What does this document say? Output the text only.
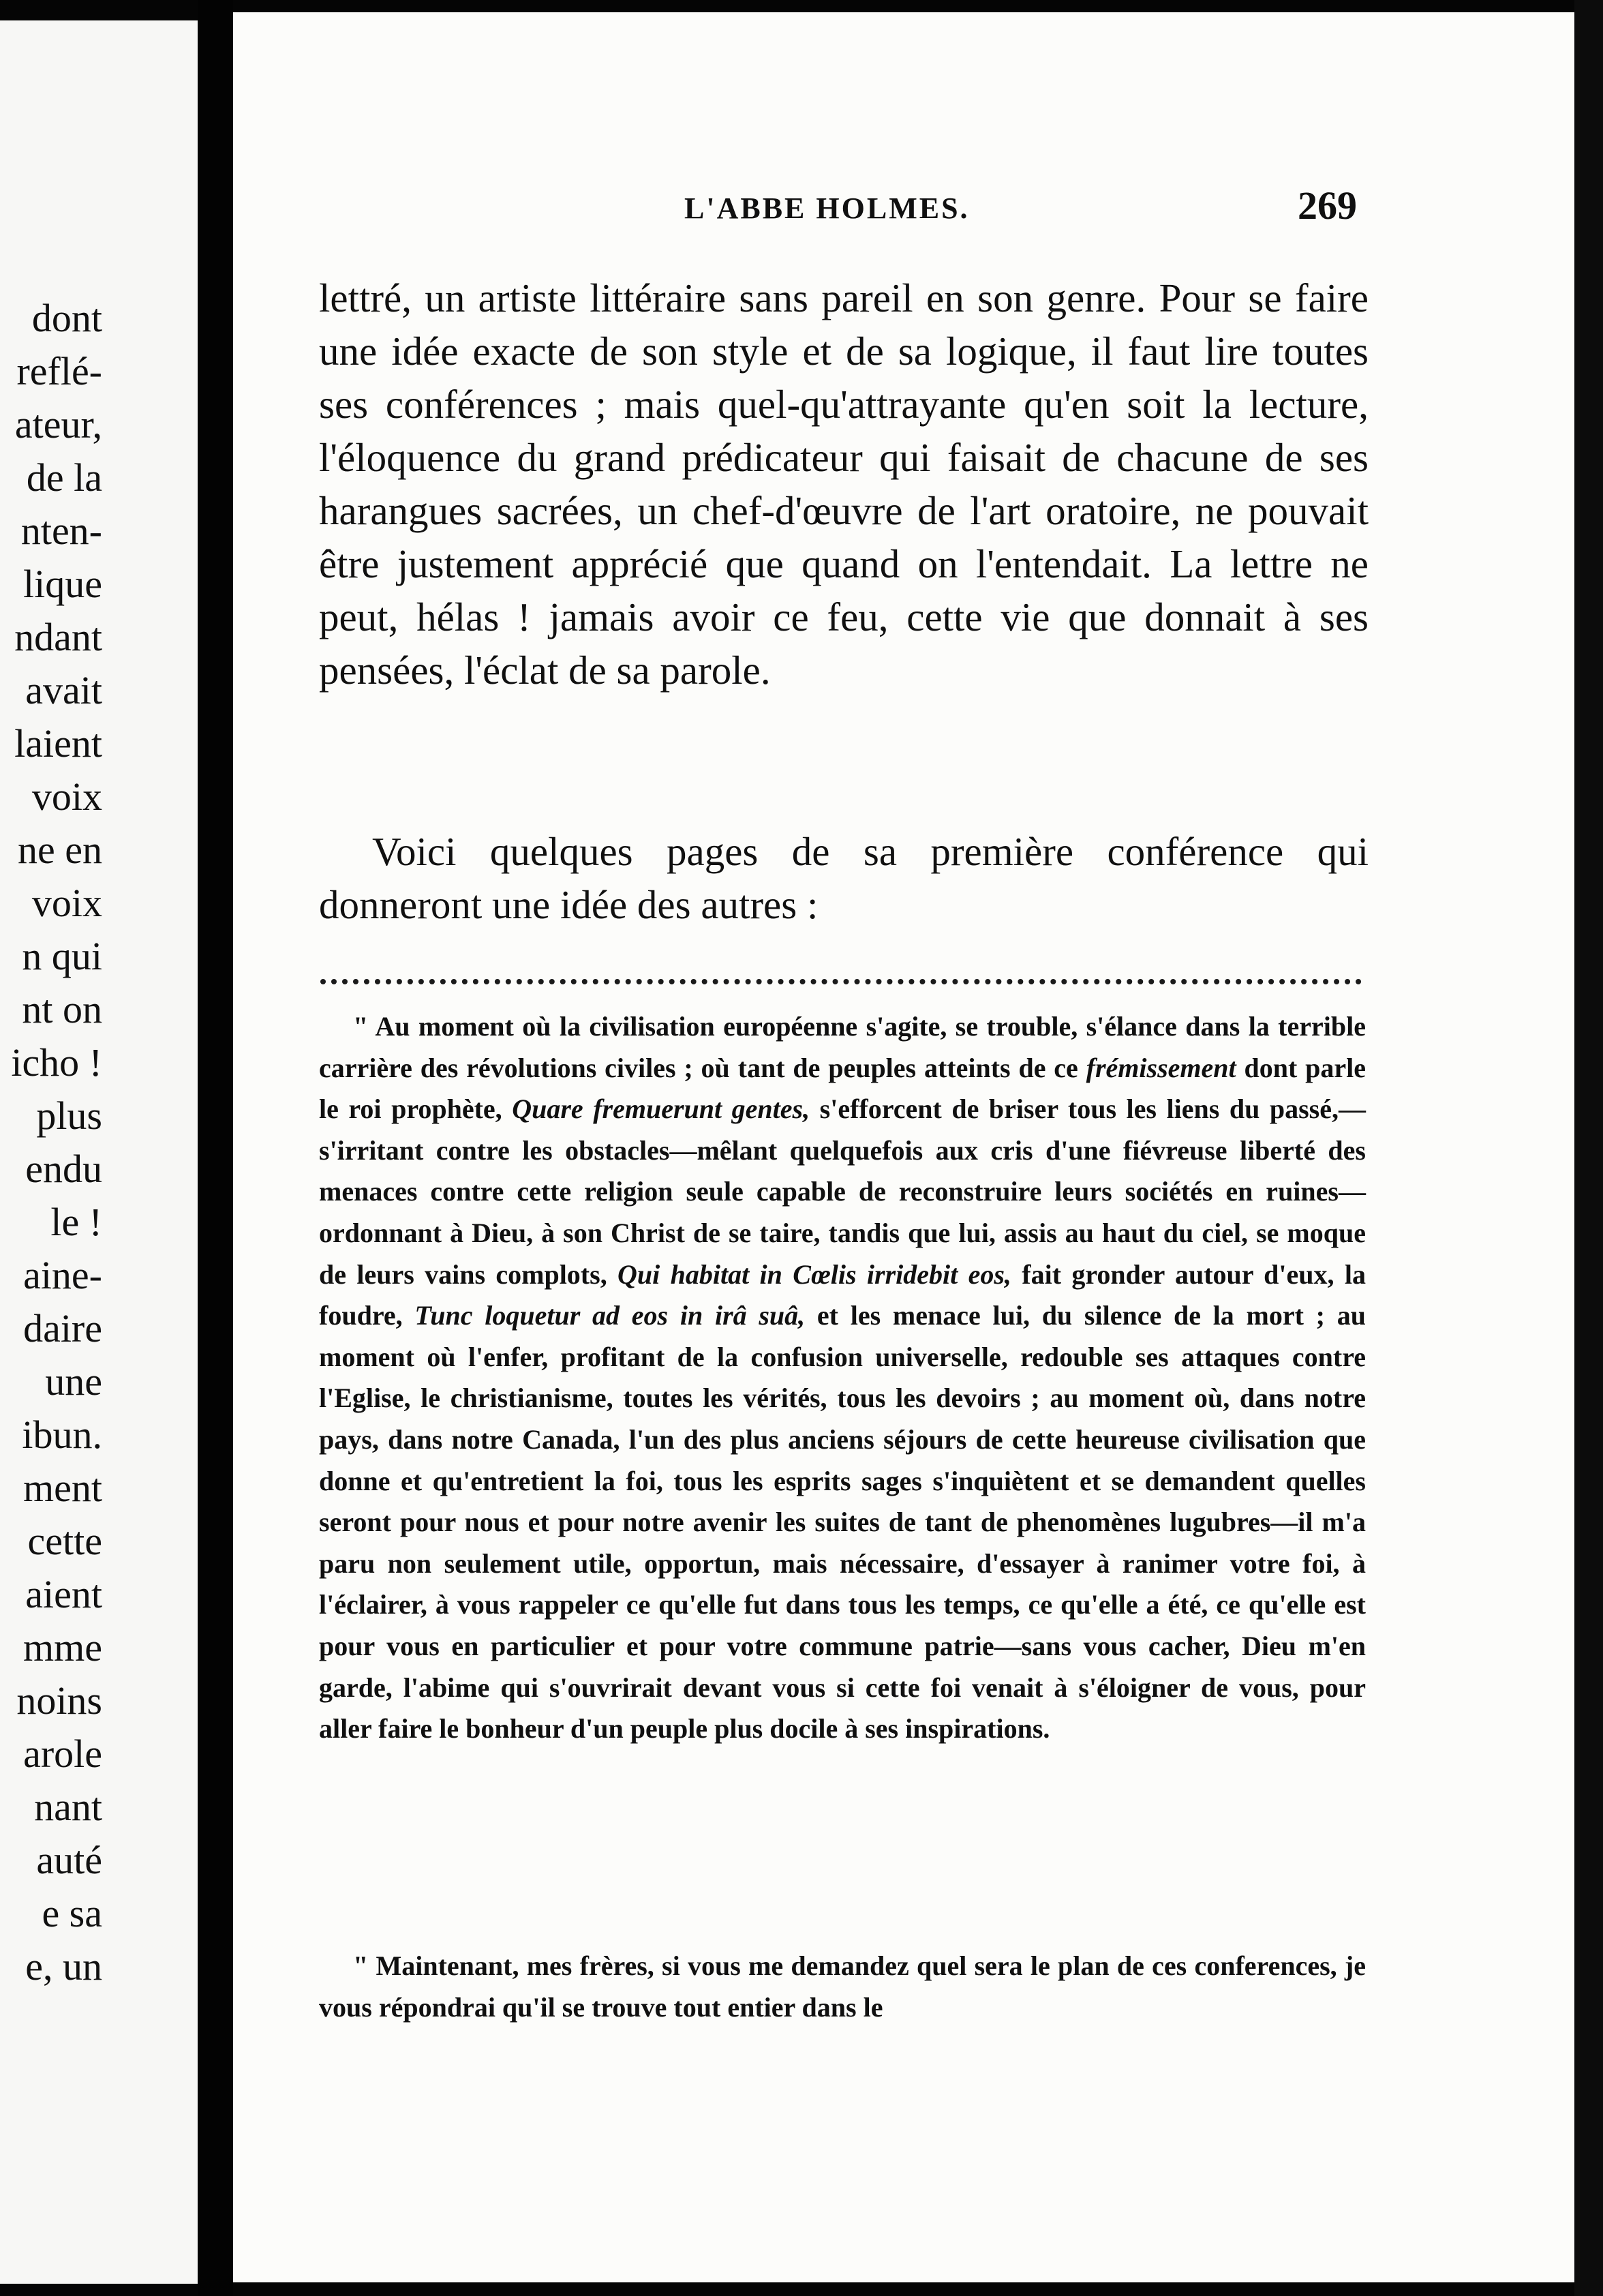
dont
reflé-
ateur,
de la
nten-
lique
ndant
avait
laient
voix
ne en
voix
n qui
nt on
icho !
plus
endu
le !
aine-
daire
une
ibun.
ment
cette
aient
mme
noins
arole
nant
auté
e sa
e, un
L'ABBE HOLMES.	269

lettré, un artiste littéraire sans pareil en son genre. Pour se faire une idée exacte de son style et de sa logique, il faut lire toutes ses conférences ; mais quel-qu'attrayante qu'en soit la lecture, l'éloquence du grand prédicateur qui faisait de chacune de ses harangues sacrées, un chef-d'œuvre de l'art oratoire, ne pouvait être justement apprécié que quand on l'entendait. La lettre ne peut, hélas ! jamais avoir ce feu, cette vie que donnait à ses pensées, l'éclat de sa parole.

Voici quelques pages de sa première conférence qui donneront une idée des autres :

" Au moment où la civilisation européenne s'agite, se trouble, s'élance dans la terrible carrière des révolutions civiles ; où tant de peuples atteints de ce frémissement dont parle le roi prophète, Quare fremuerunt gentes, s'efforcent de briser tous les liens du passé,—s'irritant contre les obstacles—mêlant quelquefois aux cris d'une fiévreuse liberté des menaces contre cette religion seule capable de reconstruire leurs sociétés en ruines—ordonnant à Dieu, à son Christ de se taire, tandis que lui, assis au haut du ciel, se moque de leurs vains complots, Qui habitat in Cœlis irridebit eos, fait gronder autour d'eux, la foudre, Tunc loquetur ad eos in irâ suâ, et les menace lui, du silence de la mort ; au moment où l'enfer, profitant de la confusion universelle, redouble ses attaques contre l'Eglise, le christianisme, toutes les vérités, tous les devoirs ; au moment où, dans notre pays, dans notre Canada, l'un des plus anciens séjours de cette heureuse civilisation que donne et qu'entretient la foi, tous les esprits sages s'inquiètent et se demandent quelles seront pour nous et pour notre avenir les suites de tant de phenomènes lugubres—il m'a paru non seulement utile, opportun, mais nécessaire, d'essayer à ranimer votre foi, à l'éclairer, à vous rappeler ce qu'elle fut dans tous les temps, ce qu'elle a été, ce qu'elle est pour vous en particulier et pour votre commune patrie—sans vous cacher, Dieu m'en garde, l'abime qui s'ouvrirait devant vous si cette foi venait à s'éloigner de vous, pour aller faire le bonheur d'un peuple plus docile à ses inspirations.

" Maintenant, mes frères, si vous me demandez quel sera le plan de ces conferences, je vous répondrai qu'il se trouve tout entier dans le
